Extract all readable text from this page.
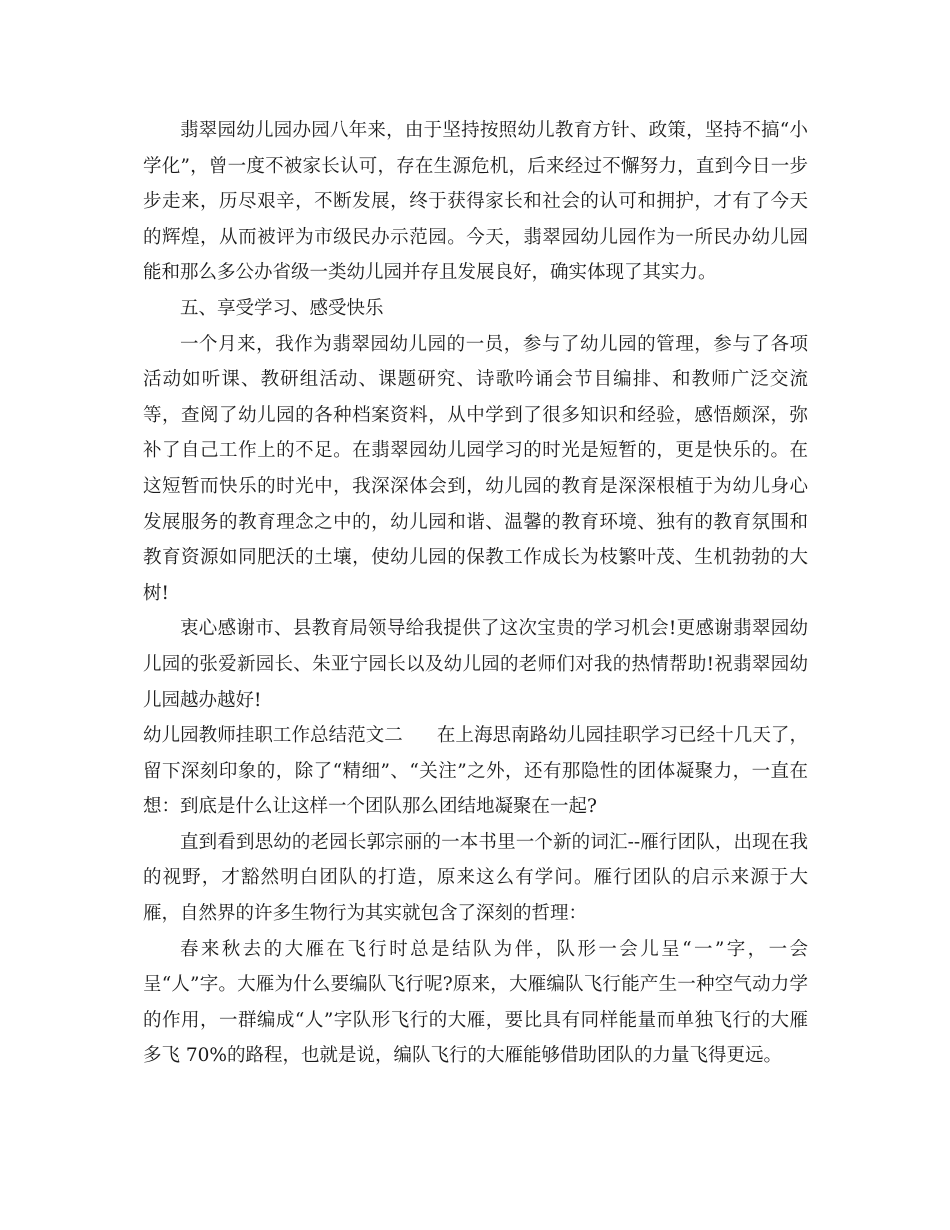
翡翠园幼儿园办园八年来，由于坚持按照幼儿教育方针、政策，坚持不搞“小学化”，曾一度不被家长认可，存在生源危机，后来经过不懈努力，直到今日一步步走来，历尽艰辛，不断发展，终于获得家长和社会的认可和拥护，才有了今天的辉煌，从而被评为市级民办示范园。今天，翡翠园幼儿园作为一所民办幼儿园能和那么多公办省级一类幼儿园并存且发展良好，确实体现了其实力。

五、享受学习、感受快乐

一个月来，我作为翡翠园幼儿园的一员，参与了幼儿园的管理，参与了各项活动如听课、教研组活动、课题研究、诗歌吟诵会节目编排、和教师广泛交流等，查阅了幼儿园的各种档案资料，从中学到了很多知识和经验，感悟颇深，弥补了自己工作上的不足。在翡翠园幼儿园学习的时光是短暂的，更是快乐的。在这短暂而快乐的时光中，我深深体会到，幼儿园的教育是深深根植于为幼儿身心发展服务的教育理念之中的，幼儿园和谐、温馨的教育环境、独有的教育氛围和教育资源如同肥沃的土壤，使幼儿园的保教工作成长为枝繁叶茂、生机勃勃的大树!

衷心感谢市、县教育局领导给我提供了这次宝贵的学习机会!更感谢翡翠园幼儿园的张爱新园长、朱亚宁园长以及幼儿园的老师们对我的热情帮助!祝翡翠园幼儿园越办越好!

幼儿园教师挂职工作总结范文二 在上海思南路幼儿园挂职学习已经十几天了，留下深刻印象的，除了“精细”、“关注”之外，还有那隐性的团体凝聚力，一直在想：到底是什么让这样一个团队那么团结地凝聚在一起?

直到看到思幼的老园长郭宗丽的一本书里一个新的词汇--雁行团队，出现在我的视野，才豁然明白团队的打造，原来这么有学问。雁行团队的启示来源于大雁，自然界的许多生物行为其实就包含了深刻的哲理：

春来秋去的大雁在飞行时总是结队为伴，队形一会儿呈“一”字，一会呈“人”字。大雁为什么要编队飞行呢?原来，大雁编队飞行能产生一种空气动力学的作用，一群编成“人”字队形飞行的大雁，要比具有同样能量而单独飞行的大雁多飞 70%的路程，也就是说，编队飞行的大雁能够借助团队的力量飞得更远。
